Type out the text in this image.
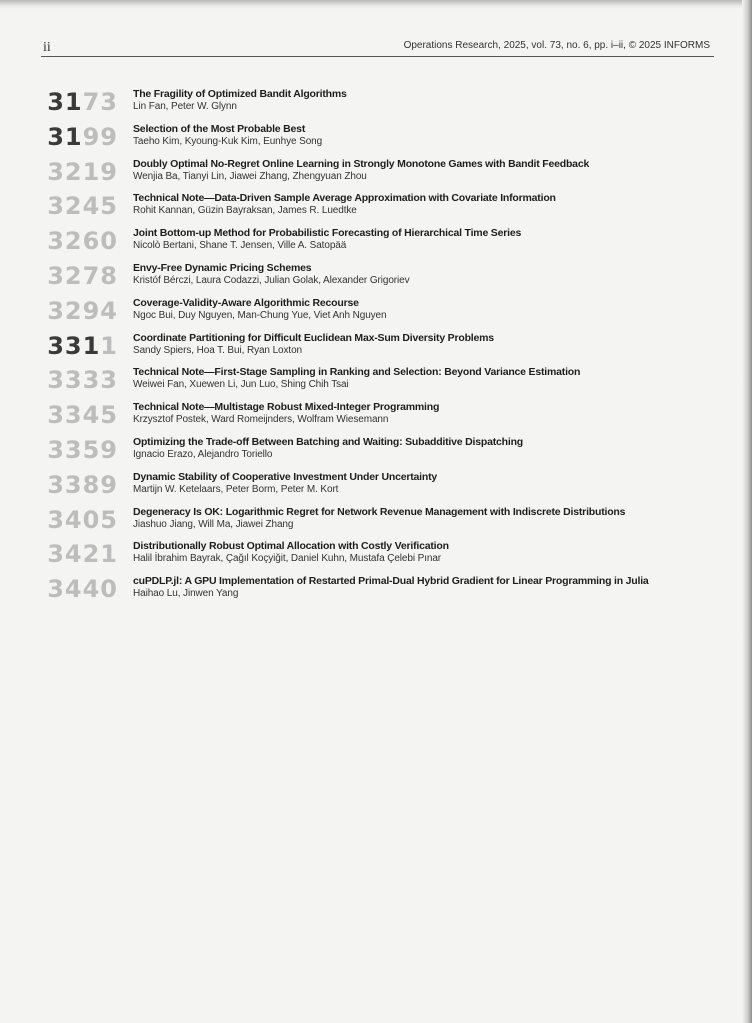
ii	Operations Research, 2025, vol. 73, no. 6, pp. i–ii, © 2025 INFORMS
3173 The Fragility of Optimized Bandit Algorithms
Lin Fan, Peter W. Glynn
3199 Selection of the Most Probable Best
Taeho Kim, Kyoung-Kuk Kim, Eunhye Song
3219 Doubly Optimal No-Regret Online Learning in Strongly Monotone Games with Bandit Feedback
Wenjia Ba, Tianyi Lin, Jiawei Zhang, Zhengyuan Zhou
3245 Technical Note—Data-Driven Sample Average Approximation with Covariate Information
Rohit Kannan, Güzin Bayraksan, James R. Luedtke
3260 Joint Bottom-up Method for Probabilistic Forecasting of Hierarchical Time Series
Nicolò Bertani, Shane T. Jensen, Ville A. Satopää
3278 Envy-Free Dynamic Pricing Schemes
Kristóf Bérczi, Laura Codazzi, Julian Golak, Alexander Grigoriev
3294 Coverage-Validity-Aware Algorithmic Recourse
Ngoc Bui, Duy Nguyen, Man-Chung Yue, Viet Anh Nguyen
3311 Coordinate Partitioning for Difficult Euclidean Max-Sum Diversity Problems
Sandy Spiers, Hoa T. Bui, Ryan Loxton
3333 Technical Note—First-Stage Sampling in Ranking and Selection: Beyond Variance Estimation
Weiwei Fan, Xuewen Li, Jun Luo, Shing Chih Tsai
3345 Technical Note—Multistage Robust Mixed-Integer Programming
Krzysztof Postek, Ward Romeijnders, Wolfram Wiesemann
3359 Optimizing the Trade-off Between Batching and Waiting: Subadditive Dispatching
Ignacio Erazo, Alejandro Toriello
3389 Dynamic Stability of Cooperative Investment Under Uncertainty
Martijn W. Ketelaars, Peter Borm, Peter M. Kort
3405 Degeneracy Is OK: Logarithmic Regret for Network Revenue Management with Indiscrete Distributions
Jiashuo Jiang, Will Ma, Jiawei Zhang
3421 Distributionally Robust Optimal Allocation with Costly Verification
Halil İbrahim Bayrak, Çağıl Koçyiğit, Daniel Kuhn, Mustafa Çelebi Pınar
3440 cuPDLP.jl: A GPU Implementation of Restarted Primal-Dual Hybrid Gradient for Linear Programming in Julia
Haihao Lu, Jinwen Yang
